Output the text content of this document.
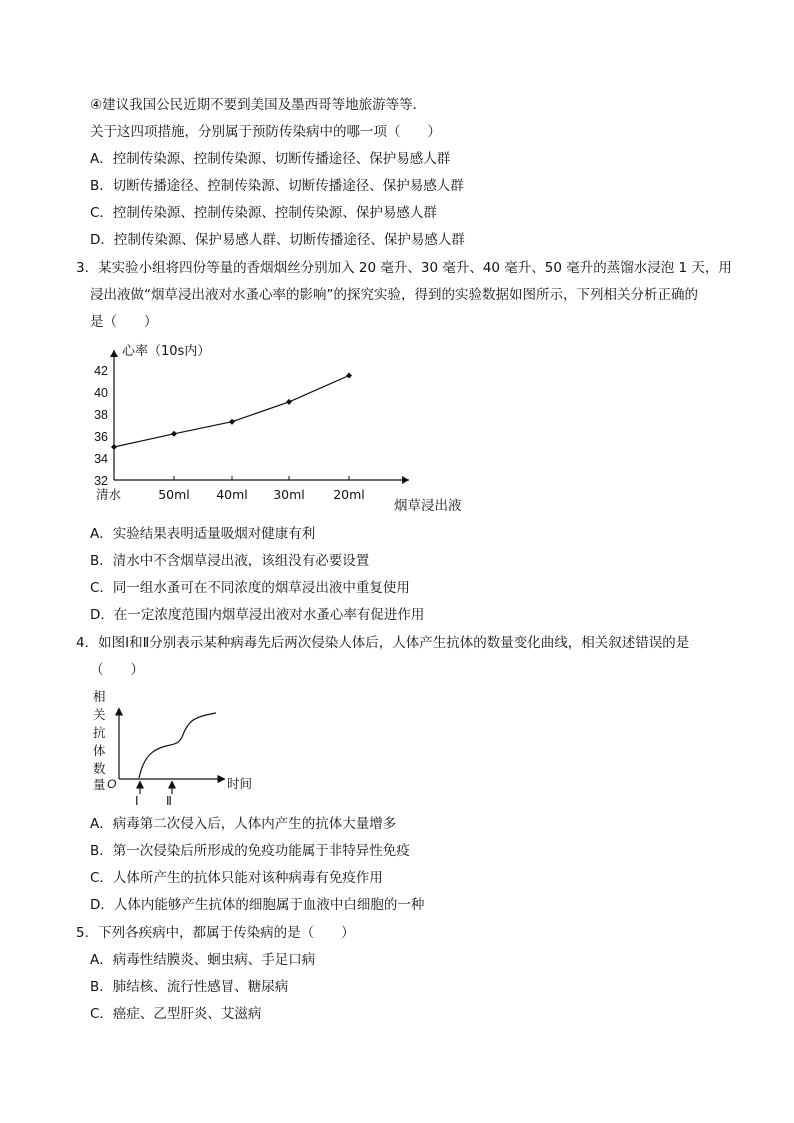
④建议我国公民近期不要到美国及墨西哥等地旅游等等．
关于这四项措施，分别属于预防传染病中的哪一项（　　）
A．控制传染源、控制传染源、切断传播途径、保护易感人群
B．切断传播途径、控制传染源、切断传播途径、保护易感人群
C．控制传染源、控制传染源、控制传染源、保护易感人群
D．控制传染源、保护易感人群、切断传播途径、保护易感人群
3．某实验小组将四份等量的香烟烟丝分别加入 20 毫升、30 毫升、40 毫升、50 毫升的蒸馏水浸泡 1 天，用
浸出液做“烟草浸出液对水蚤心率的影响”的探究实验，得到的实验数据如图所示，下列相关分析正确的
是（　　）
32
34
36
38
40
42
清水	50ml 40ml 30ml 20ml
心率（10s内）
烟草浸出液
A．实验结果表明适量吸烟对健康有利
B．清水中不含烟草浸出液，该组没有必要设置
C．同一组水蚤可在不同浓度的烟草浸出液中重复使用
D．在一定浓度范围内烟草浸出液对水蚤心率有促进作用
4．如图Ⅰ和Ⅱ分别表示某种病毒先后两次侵染人体后，人体产生抗体的数量变化曲线，相关叙述错误的是
（　　）
相
关
抗
体
数
量 O	时间
Ⅰ Ⅱ
A．病毒第二次侵入后，人体内产生的抗体大量增多
B．第一次侵染后所形成的免疫功能属于非特异性免疫
C．人体所产生的抗体只能对该种病毒有免疫作用
D．人体内能够产生抗体的细胞属于血液中白细胞的一种
5．下列各疾病中，都属于传染病的是（　　）
A．病毒性结膜炎、蛔虫病、手足口病
B．肺结核、流行性感冒、糖尿病
C．癌症、乙型肝炎、艾滋病
